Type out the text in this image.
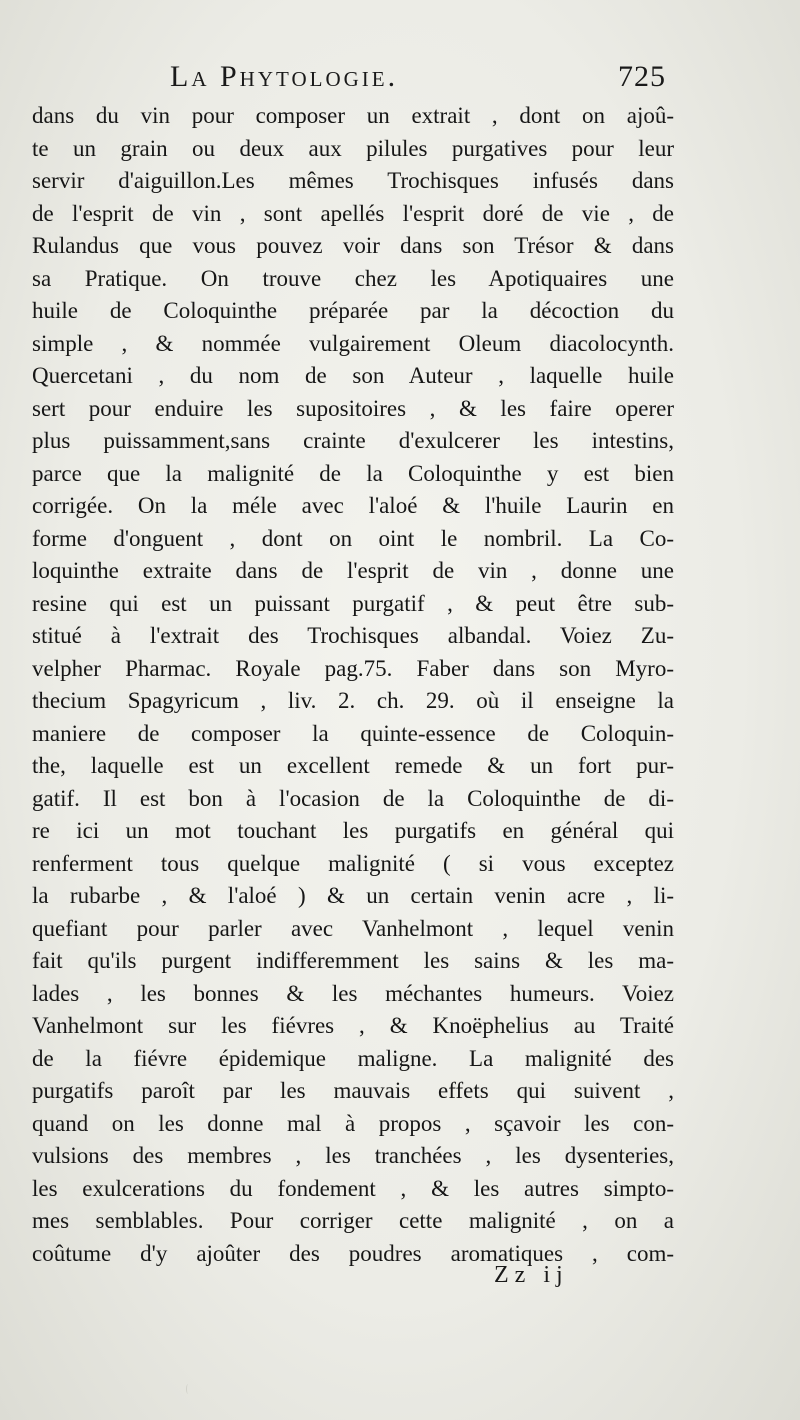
La Phytologie.	725
dans du vin pour composer un extrait , dont on ajoû-
te un grain ou deux aux pilules purgatives pour leur
servir d'aiguillon.Les mêmes Trochisques infusés dans
de l'esprit de vin , sont apellés l'esprit doré de vie , de
Rulandus que vous pouvez voir dans son Trésor & dans
sa Pratique. On trouve chez les Apotiquaires une
huile de Coloquinthe préparée par la décoction du
simple , & nommée vulgairement Oleum diacolocynth.
Quercetani , du nom de son Auteur , laquelle huile
sert pour enduire les supositoires , & les faire operer
plus puissamment,sans crainte d'exulcerer les intestins,
parce que la malignité de la Coloquinthe y est bien
corrigée. On la méle avec l'aloé & l'huile Laurin en
forme d'onguent , dont on oint le nombril. La Co-
loquinthe extraite dans de l'esprit de vin , donne une
resine qui est un puissant purgatif , & peut être sub-
stitué à l'extrait des Trochisques albandal. Voiez Zu-
velpher Pharmac. Royale pag.75. Faber dans son Myro-
thecium Spagyricum , liv. 2. ch. 29. où il enseigne la
maniere de composer la quinte-essence de Coloquin-
the, laquelle est un excellent remede & un fort pur-
gatif. Il est bon à l'ocasion de la Coloquinthe de di-
re ici un mot touchant les purgatifs en général qui
renferment tous quelque malignité ( si vous exceptez
la rubarbe , & l'aloé ) & un certain venin acre , li-
quefiant pour parler avec Vanhelmont , lequel venin
fait qu'ils purgent indifferemment les sains & les ma-
lades , les bonnes & les méchantes humeurs. Voiez
Vanhelmont sur les fiévres , & Knoëphelius au Traité
de la fiévre épidemique maligne. La malignité des
purgatifs paroît par les mauvais effets qui suivent ,
quand on les donne mal à propos , sçavoir les con-
vulsions des membres , les tranchées , les dysenteries,
les exulcerations du fondement , & les autres simpto-
mes semblables. Pour corriger cette malignité , on a
coûtume d'y ajoûter des poudres aromatiques , com-
Zz ij
